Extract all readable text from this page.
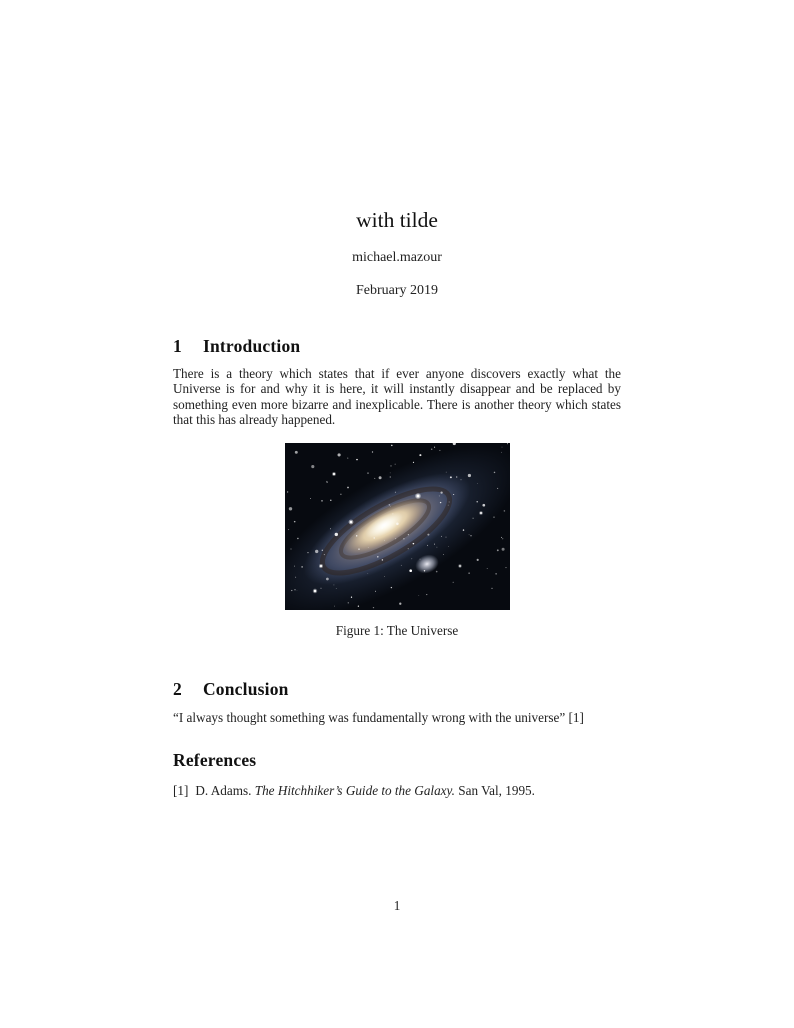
with tilde
michael.mazour
February 2019
1 Introduction

There is a theory which states that if ever anyone discovers exactly what the Universe is for and why it is here, it will instantly disappear and be replaced by something even more bizarre and inexplicable. There is another theory which states that this has already happened.

Figure 1: The Universe
2 Conclusion

“I always thought something was fundamentally wrong with the universe” [1]

References
[1] D. Adams. The Hitchhiker’s Guide to the Galaxy. San Val, 1995.
1
